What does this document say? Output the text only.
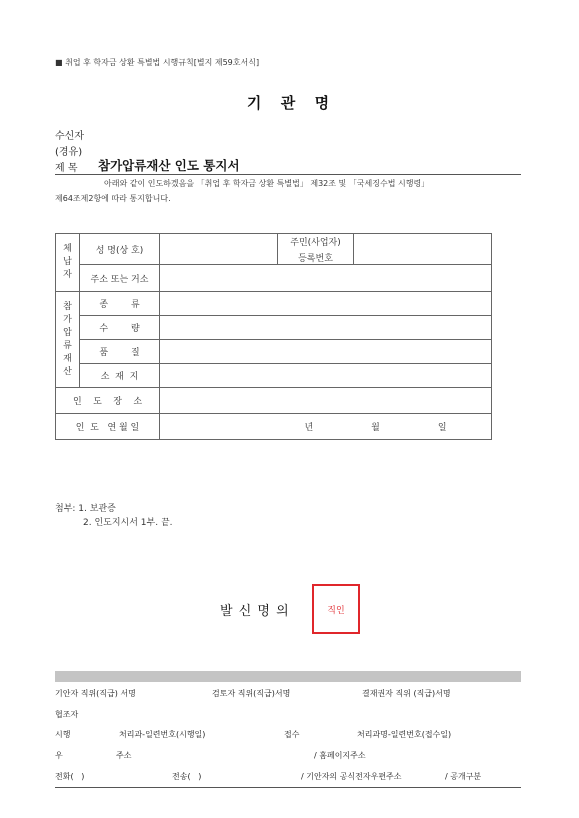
■ 취업 후 학자금 상환 특별법 시행규칙[별지 제59호서식]
기  관  명
수신자
(경유)
제 목 참가압류재산 인도 통지서
아래와 같이 인도하겠음을 「취업 후 학자금 상환 특별법」 제32조 및 「국세징수법 시행령」
제64조제2항에 따라 통지합니다.
체납자	성 명(상 호)		주민(사업자)
등록번호	

	주소 또는 거소			

참가압류재산	종        류			
	수        량			
	품        질			
	소  재  지			
인    도    장    소				
인  도   연 월 일		년 월 일		
첨부: 1. 보관증
2. 인도지시서 1부. 끝.
발 신 명 의	직인
기안자 직위(직급) 서명	검토자 직위(직급)서명	결재권자 직위 (직급)서명
협조자
시행	처리과-일련번호(시행일)	접수	처리과명-일련번호(접수일)
우	주소	/ 홈페이지주소
전화(   )	전송(   )	/ 기안자의 공식전자우편주소	/ 공개구분
